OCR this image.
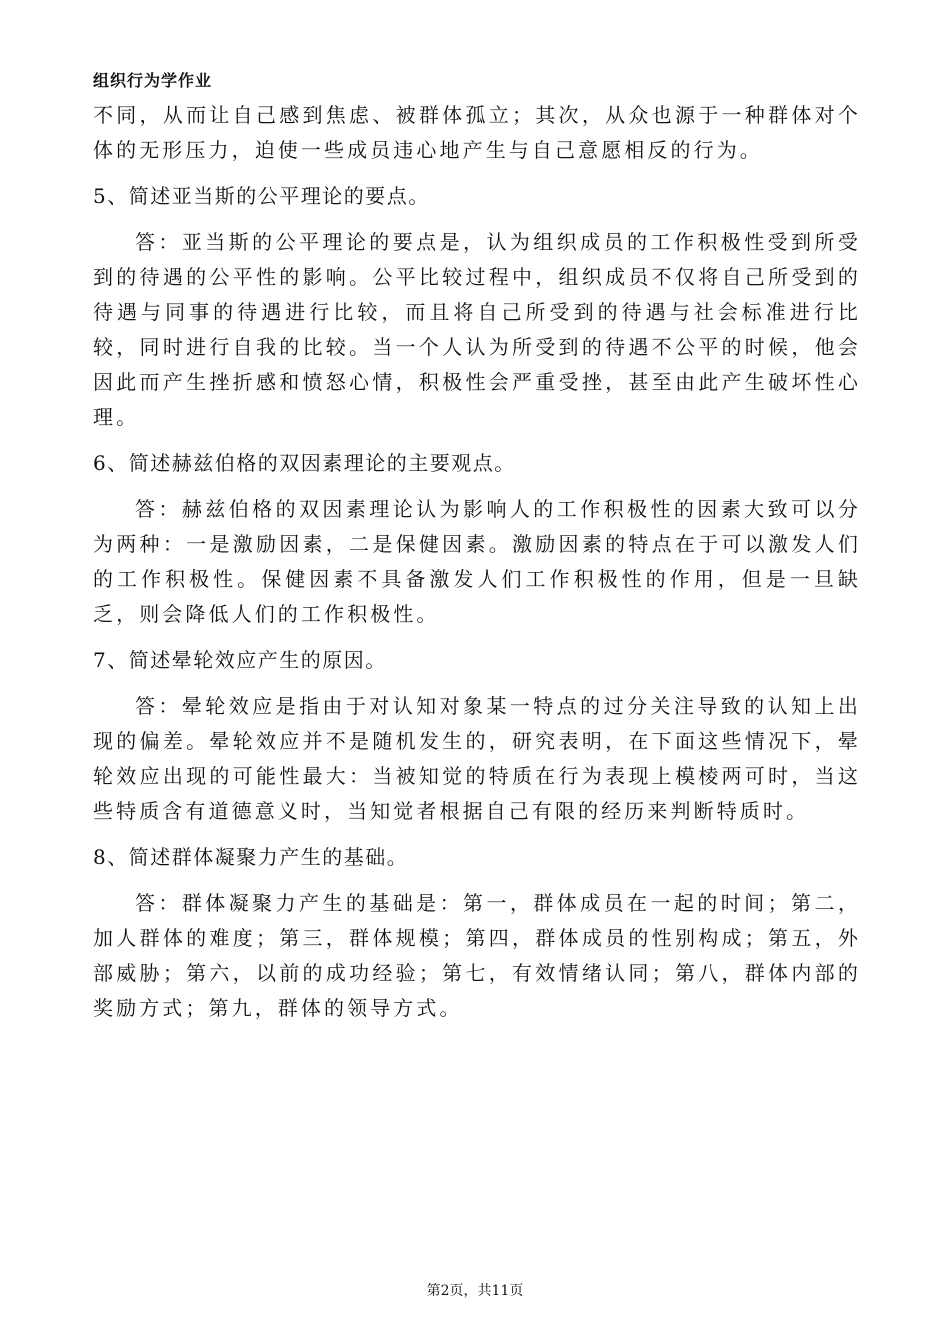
组织行为学作业

不同，从而让自己感到焦虑、被群体孤立；其次，从众也源于一种群体对个体的无形压力，迫使一些成员违心地产生与自己意愿相反的行为。

5、简述亚当斯的公平理论的要点。

答：亚当斯的公平理论的要点是，认为组织成员的工作积极性受到所受到的待遇的公平性的影响。公平比较过程中，组织成员不仅将自己所受到的待遇与同事的待遇进行比较，而且将自己所受到的待遇与社会标准进行比较，同时进行自我的比较。当一个人认为所受到的待遇不公平的时候，他会因此而产生挫折感和愤怒心情，积极性会严重受挫，甚至由此产生破坏性心理。

6、简述赫兹伯格的双因素理论的主要观点。

答：赫兹伯格的双因素理论认为影响人的工作积极性的因素大致可以分为两种：一是激励因素，二是保健因素。激励因素的特点在于可以激发人们的工作积极性。保健因素不具备激发人们工作积极性的作用，但是一旦缺乏，则会降低人们的工作积极性。

7、简述晕轮效应产生的原因。

答：晕轮效应是指由于对认知对象某一特点的过分关注导致的认知上出现的偏差。晕轮效应并不是随机发生的，研究表明，在下面这些情况下，晕轮效应出现的可能性最大：当被知觉的特质在行为表现上模棱两可时，当这些特质含有道德意义时，当知觉者根据自己有限的经历来判断特质时。

8、简述群体凝聚力产生的基础。

答：群体凝聚力产生的基础是：第一，群体成员在一起的时间；第二，加人群体的难度；第三，群体规模；第四，群体成员的性别构成；第五，外部威胁；第六，以前的成功经验；第七，有效情绪认同；第八，群体内部的奖励方式；第九，群体的领导方式。

第2页，共11页
